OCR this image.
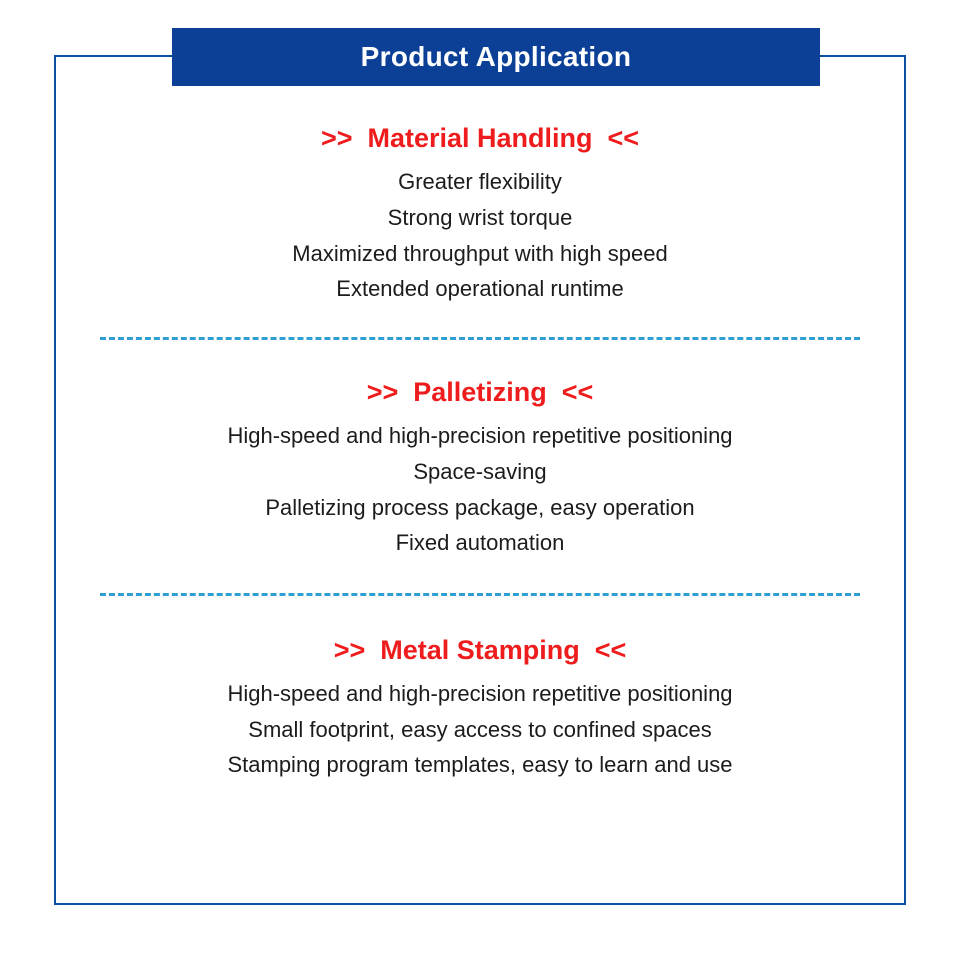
Product Application
>>  Material Handling  <<
Greater flexibility
Strong wrist torque
Maximized throughput with high speed
Extended operational runtime
>>  Palletizing  <<
High-speed and high-precision repetitive positioning
Space-saving
Palletizing process package, easy operation
Fixed automation
>>  Metal Stamping  <<
High-speed and high-precision repetitive positioning
Small footprint, easy access to confined spaces
Stamping program templates, easy to learn and use
